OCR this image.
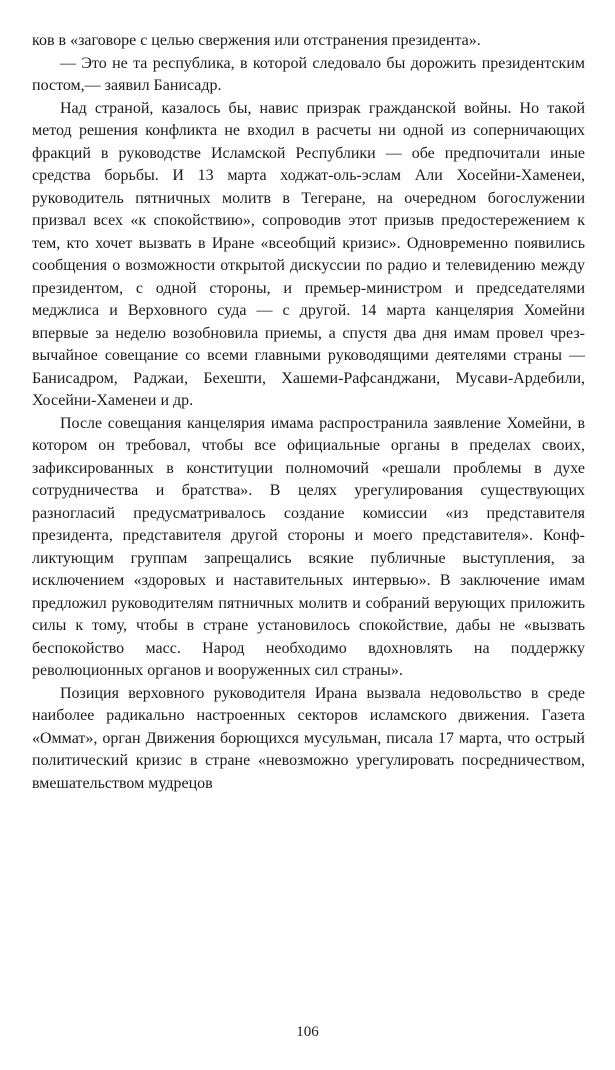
ков в «заговоре с целью свержения или отстранения президента».

— Это не та республика, в которой следовало бы дорожить президентским постом,— заявил Банисадр.

Над страной, казалось бы, навис призрак гражданской войны. Но такой метод решения конфликта не входил в расчеты ни одной из соперничающих фракций в руководстве Исламской Республики — обе предпочитали иные средства борьбы. И 13 марта ходжат-оль-эслам Али Хосейни-Хаменеи, руководитель пятничных молитв в Тегеране, на очередном богослужении призвал всех «к спокойствию», сопроводив этот призыв предостережением к тем, кто хочет вызвать в Иране «всеобщий кризис». Одновременно появились сообщения о возможности открытой дискуссии по радио и телевидению между президентом, с одной стороны, и премьер-министром и председателями меджлиса и Верховного суда — с другой. 14 марта канцелярия Хомейни впервые за неделю возобновила приемы, а спустя два дня имам провел чрезвычайное совещание со всеми главными руководящими деятелями страны — Банисадром, Раджаи, Бехешти, Хашеми-Рафсанджани, Мусави-Ардебили, Хосейни-Хаменеи и др.

После совещания канцелярия имама распространила заявление Хомейни, в котором он требовал, чтобы все официальные органы в пределах своих, зафиксированных в конституции полномочий «решали проблемы в духе сотрудничества и братства». В целях урегулирования существующих разногласий предусматривалось создание комиссии «из представителя президента, представителя другой стороны и моего представителя». Конфликтующим группам запрещались всякие публичные выступления, за исключением «здоровых и наставительных интервью». В заключение имам предложил руководителям пятничных молитв и собраний верующих приложить силы к тому, чтобы в стране установилось спокойствие, дабы не «вызвать беспокойство масс. Народ необходимо вдохновлять на поддержку революционных органов и вооруженных сил страны».

Позиция верховного руководителя Ирана вызвала недовольство в среде наиболее радикально настроенных секторов исламского движения. Газета «Оммат», орган Движения борющихся мусульман, писала 17 марта, что острый политический кризис в стране «невозможно урегулировать посредничеством, вмешательством мудрецов

106
